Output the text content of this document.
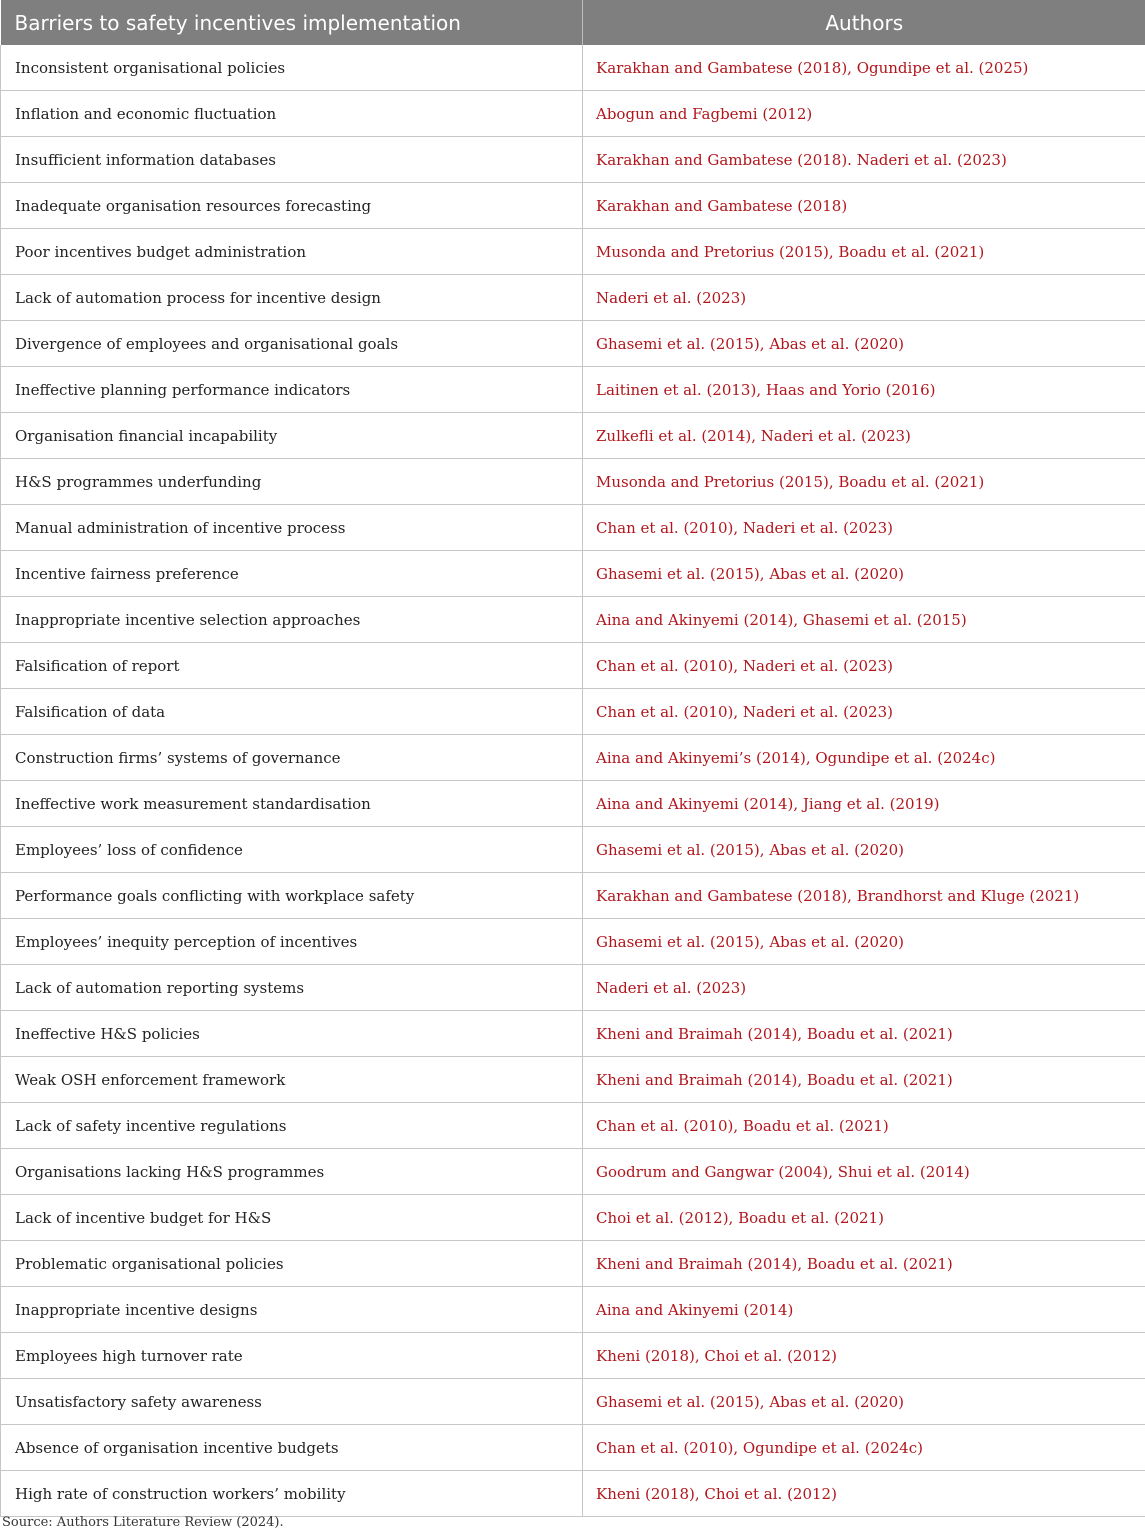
Barriers to safety incentives implementation	Authors
Inconsistent organisational policies	Karakhan and Gambatese (2018), Ogundipe et al. (2025)
Inflation and economic fluctuation	Abogun and Fagbemi (2012)
Insufficient information databases	Karakhan and Gambatese (2018). Naderi et al. (2023)
Inadequate organisation resources forecasting	Karakhan and Gambatese (2018)
Poor incentives budget administration	Musonda and Pretorius (2015), Boadu et al. (2021)
Lack of automation process for incentive design	Naderi et al. (2023)
Divergence of employees and organisational goals	Ghasemi et al. (2015), Abas et al. (2020)
Ineffective planning performance indicators	Laitinen et al. (2013), Haas and Yorio (2016)
Organisation financial incapability	Zulkefli et al. (2014), Naderi et al. (2023)
H&S programmes underfunding	Musonda and Pretorius (2015), Boadu et al. (2021)
Manual administration of incentive process	Chan et al. (2010), Naderi et al. (2023)
Incentive fairness preference	Ghasemi et al. (2015), Abas et al. (2020)
Inappropriate incentive selection approaches	Aina and Akinyemi (2014), Ghasemi et al. (2015)
Falsification of report	Chan et al. (2010), Naderi et al. (2023)
Falsification of data	Chan et al. (2010), Naderi et al. (2023)
Construction firms’ systems of governance	Aina and Akinyemi’s (2014), Ogundipe et al. (2024c)
Ineffective work measurement standardisation	Aina and Akinyemi (2014), Jiang et al. (2019)
Employees’ loss of confidence	Ghasemi et al. (2015), Abas et al. (2020)
Performance goals conflicting with workplace safety	Karakhan and Gambatese (2018), Brandhorst and Kluge (2021)
Employees’ inequity perception of incentives	Ghasemi et al. (2015), Abas et al. (2020)
Lack of automation reporting systems	Naderi et al. (2023)
Ineffective H&S policies	Kheni and Braimah (2014), Boadu et al. (2021)
Weak OSH enforcement framework	Kheni and Braimah (2014), Boadu et al. (2021)
Lack of safety incentive regulations	Chan et al. (2010), Boadu et al. (2021)
Organisations lacking H&S programmes	Goodrum and Gangwar (2004), Shui et al. (2014)
Lack of incentive budget for H&S	Choi et al. (2012), Boadu et al. (2021)
Problematic organisational policies	Kheni and Braimah (2014), Boadu et al. (2021)
Inappropriate incentive designs	Aina and Akinyemi (2014)
Employees high turnover rate	Kheni (2018), Choi et al. (2012)
Unsatisfactory safety awareness	Ghasemi et al. (2015), Abas et al. (2020)
Absence of organisation incentive budgets	Chan et al. (2010), Ogundipe et al. (2024c)
High rate of construction workers’ mobility	Kheni (2018), Choi et al. (2012)
Source: Authors Literature Review (2024).
